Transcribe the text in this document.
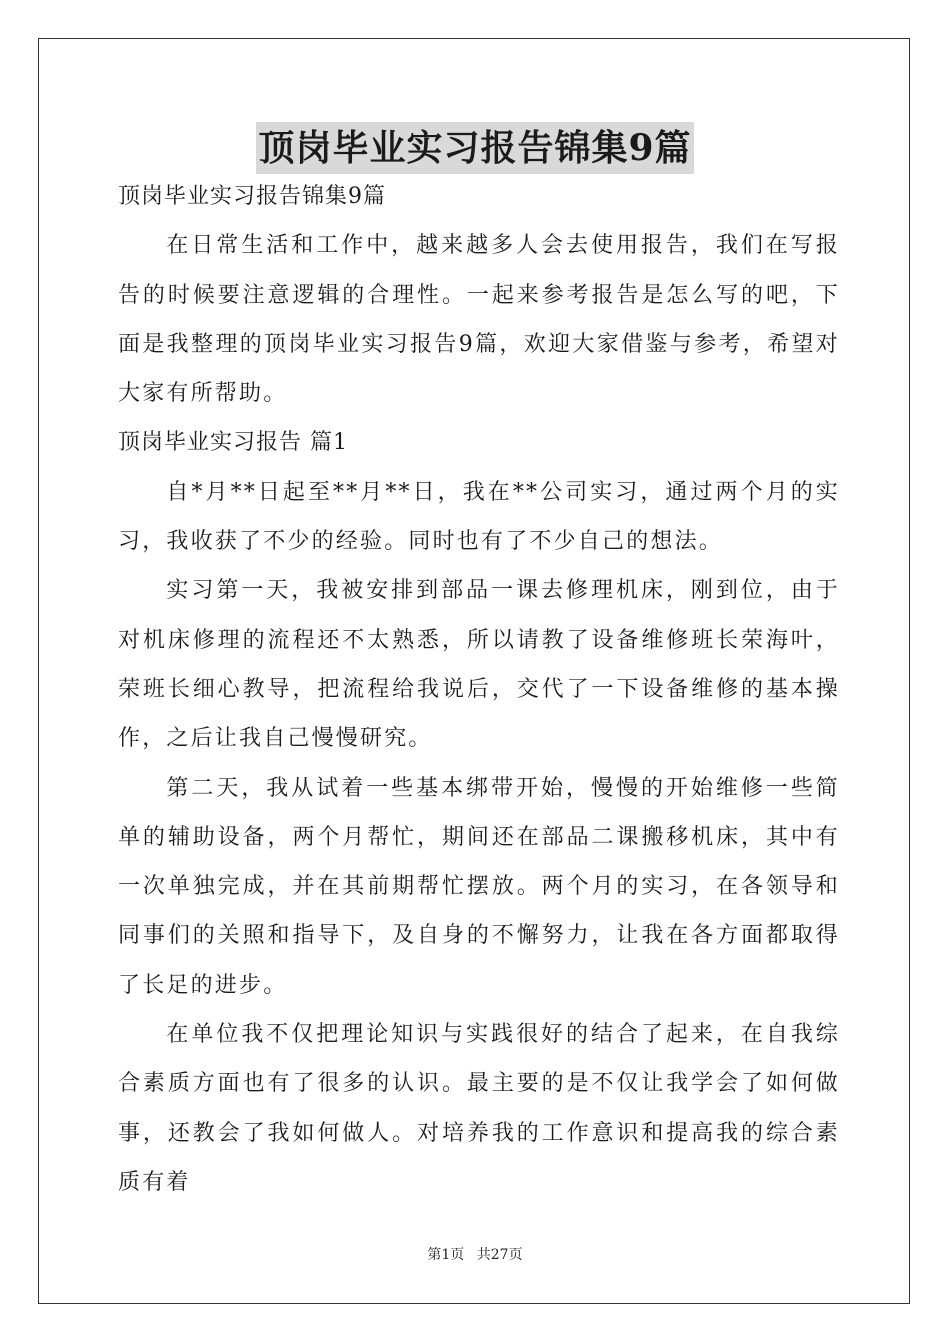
顶岗毕业实习报告锦集9篇

顶岗毕业实习报告锦集9篇

在日常生活和工作中，越来越多人会去使用报告，我们在写报告的时候要注意逻辑的合理性。一起来参考报告是怎么写的吧，下面是我整理的顶岗毕业实习报告9篇，欢迎大家借鉴与参考，希望对大家有所帮助。

顶岗毕业实习报告 篇1

自*月**日起至**月**日，我在**公司实习，通过两个月的实习，我收获了不少的经验。同时也有了不少自己的想法。

实习第一天，我被安排到部品一课去修理机床，刚到位，由于对机床修理的流程还不太熟悉，所以请教了设备维修班长荣海叶，荣班长细心教导，把流程给我说后，交代了一下设备维修的基本操作，之后让我自己慢慢研究。

第二天，我从试着一些基本绑带开始，慢慢的开始维修一些简单的辅助设备，两个月帮忙，期间还在部品二课搬移机床，其中有一次单独完成，并在其前期帮忙摆放。两个月的实习，在各领导和同事们的关照和指导下，及自身的不懈努力，让我在各方面都取得了长足的进步。

在单位我不仅把理论知识与实践很好的结合了起来，在自我综合素质方面也有了很多的认识。最主要的是不仅让我学会了如何做事，还教会了我如何做人。对培养我的工作意识和提高我的综合素质有着

第1页 共27页
